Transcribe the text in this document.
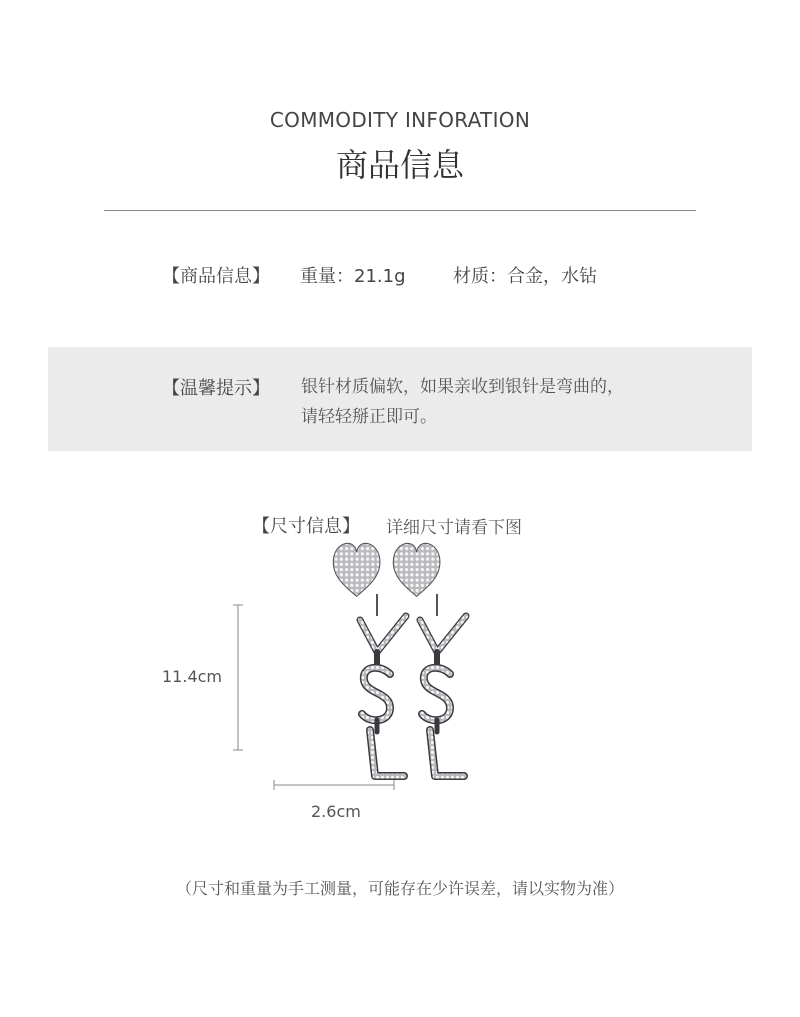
COMMODITY INFORATION
商品信息
【商品信息】 重量：21.1g	材质：合金，水钻
【温馨提示】 银针材质偏软，如果亲收到银针是弯曲的，
请轻轻掰正即可。
【尺寸信息】 详细尺寸请看下图
11.4cm
2.6cm
（尺寸和重量为手工测量，可能存在少许误差，请以实物为准）
